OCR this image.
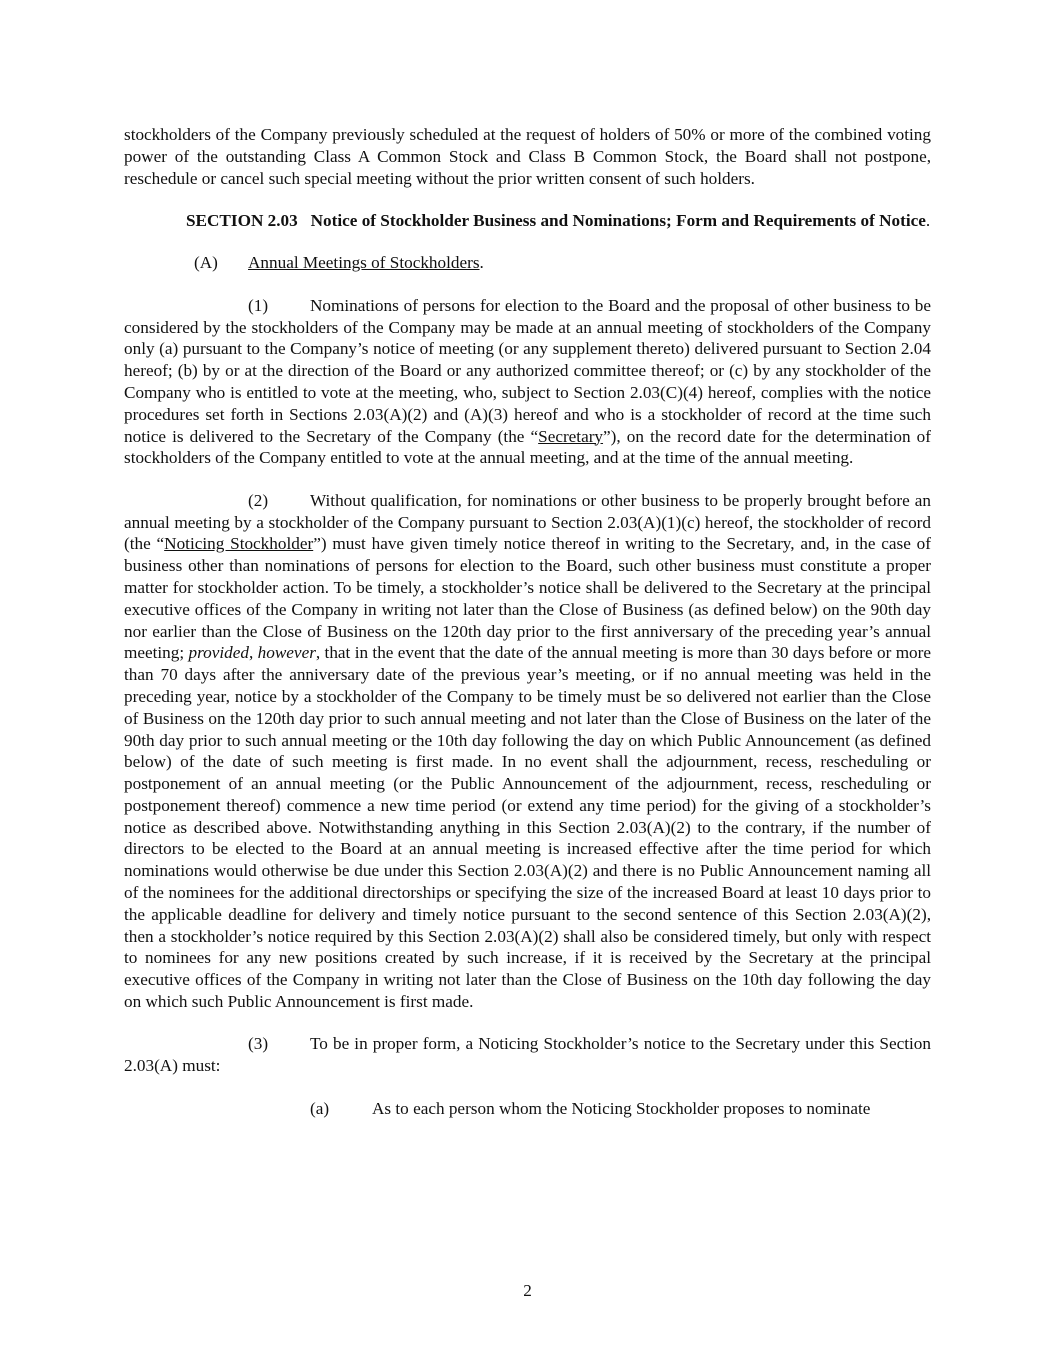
stockholders of the Company previously scheduled at the request of holders of 50% or more of the combined voting power of the outstanding Class A Common Stock and Class B Common Stock, the Board shall not postpone, reschedule or cancel such special meeting without the prior written consent of such holders.

SECTION 2.03   Notice of Stockholder Business and Nominations; Form and Requirements of Notice.

(A) Annual Meetings of Stockholders.

(1) Nominations of persons for election to the Board and the proposal of other business to be considered by the stockholders of the Company may be made at an annual meeting of stockholders of the Company only (a) pursuant to the Company’s notice of meeting (or any supplement thereto) delivered pursuant to Section 2.04 hereof; (b) by or at the direction of the Board or any authorized committee thereof; or (c) by any stockholder of the Company who is entitled to vote at the meeting, who, subject to Section 2.03(C)(4) hereof, complies with the notice procedures set forth in Sections 2.03(A)(2) and (A)(3) hereof and who is a stockholder of record at the time such notice is delivered to the Secretary of the Company (the “Secretary”), on the record date for the determination of stockholders of the Company entitled to vote at the annual meeting, and at the time of the annual meeting.

(2) Without qualification, for nominations or other business to be properly brought before an annual meeting by a stockholder of the Company pursuant to Section 2.03(A)(1)(c) hereof, the stockholder of record (the “Noticing Stockholder”) must have given timely notice thereof in writing to the Secretary, and, in the case of business other than nominations of persons for election to the Board, such other business must constitute a proper matter for stockholder action. To be timely, a stockholder’s notice shall be delivered to the Secretary at the principal executive offices of the Company in writing not later than the Close of Business (as defined below) on the 90th day nor earlier than the Close of Business on the 120th day prior to the first anniversary of the preceding year’s annual meeting; provided, however, that in the event that the date of the annual meeting is more than 30 days before or more than 70 days after the anniversary date of the previous year’s meeting, or if no annual meeting was held in the preceding year, notice by a stockholder of the Company to be timely must be so delivered not earlier than the Close of Business on the 120th day prior to such annual meeting and not later than the Close of Business on the later of the 90th day prior to such annual meeting or the 10th day following the day on which Public Announcement (as defined below) of the date of such meeting is first made. In no event shall the adjournment, recess, rescheduling or postponement of an annual meeting (or the Public Announcement of the adjournment, recess, rescheduling or postponement thereof) commence a new time period (or extend any time period) for the giving of a stockholder’s notice as described above. Notwithstanding anything in this Section 2.03(A)(2) to the contrary, if the number of directors to be elected to the Board at an annual meeting is increased effective after the time period for which nominations would otherwise be due under this Section 2.03(A)(2) and there is no Public Announcement naming all of the nominees for the additional directorships or specifying the size of the increased Board at least 10 days prior to the applicable deadline for delivery and timely notice pursuant to the second sentence of this Section 2.03(A)(2), then a stockholder’s notice required by this Section 2.03(A)(2) shall also be considered timely, but only with respect to nominees for any new positions created by such increase, if it is received by the Secretary at the principal executive offices of the Company in writing not later than the Close of Business on the 10th day following the day on which such Public Announcement is first made.

(3) To be in proper form, a Noticing Stockholder’s notice to the Secretary under this Section 2.03(A) must:

(a) As to each person whom the Noticing Stockholder proposes to nominate

2
